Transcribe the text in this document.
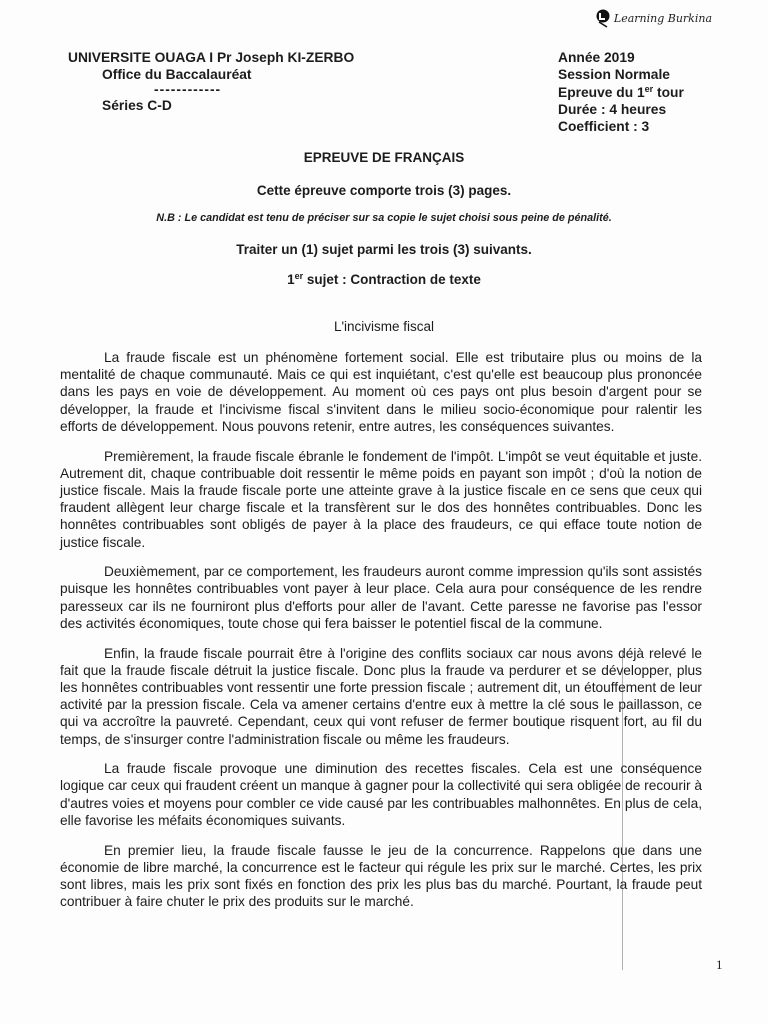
Learning Burkina
UNIVERSITE OUAGA I Pr Joseph KI-ZERBO
Office du Baccalauréat
------------
Séries C-D
Année 2019
Session Normale
Epreuve du 1er tour
Durée : 4 heures
Coefficient : 3
EPREUVE DE FRANÇAIS
Cette épreuve comporte trois (3) pages.
N.B : Le candidat est tenu de préciser sur sa copie le sujet choisi sous peine de pénalité.
Traiter un (1) sujet parmi les trois (3) suivants.
1er sujet : Contraction de texte
L'incivisme fiscal

La fraude fiscale est un phénomène fortement social. Elle est tributaire plus ou moins de la mentalité de chaque communauté. Mais ce qui est inquiétant, c'est qu'elle est beaucoup plus prononcée dans les pays en voie de développement. Au moment où ces pays ont plus besoin d'argent pour se développer, la fraude et l'incivisme fiscal s'invitent dans le milieu socio-économique pour ralentir les efforts de développement. Nous pouvons retenir, entre autres, les conséquences suivantes.

Premièrement, la fraude fiscale ébranle le fondement de l'impôt. L'impôt se veut équitable et juste. Autrement dit, chaque contribuable doit ressentir le même poids en payant son impôt ; d'où la notion de justice fiscale. Mais la fraude fiscale porte une atteinte grave à la justice fiscale en ce sens que ceux qui fraudent allègent leur charge fiscale et la transfèrent sur le dos des honnêtes contribuables. Donc les honnêtes contribuables sont obligés de payer à la place des fraudeurs, ce qui efface toute notion de justice fiscale.

Deuxièmement, par ce comportement, les fraudeurs auront comme impression qu'ils sont assistés puisque les honnêtes contribuables vont payer à leur place. Cela aura pour conséquence de les rendre paresseux car ils ne fourniront plus d'efforts pour aller de l'avant. Cette paresse ne favorise pas l'essor des activités économiques, toute chose qui fera baisser le potentiel fiscal de la commune.

Enfin, la fraude fiscale pourrait être à l'origine des conflits sociaux car nous avons déjà relevé le fait que la fraude fiscale détruit la justice fiscale. Donc plus la fraude va perdurer et se développer, plus les honnêtes contribuables vont ressentir une forte pression fiscale ; autrement dit, un étouffement de leur activité par la pression fiscale. Cela va amener certains d'entre eux à mettre la clé sous le paillasson, ce qui va accroître la pauvreté. Cependant, ceux qui vont refuser de fermer boutique risquent fort, au fil du temps, de s'insurger contre l'administration fiscale ou même les fraudeurs.

La fraude fiscale provoque une diminution des recettes fiscales. Cela est une conséquence logique car ceux qui fraudent créent un manque à gagner pour la collectivité qui sera obligée de recourir à d'autres voies et moyens pour combler ce vide causé par les contribuables malhonnêtes. En plus de cela, elle favorise les méfaits économiques suivants.

En premier lieu, la fraude fiscale fausse le jeu de la concurrence. Rappelons que dans une économie de libre marché, la concurrence est le facteur qui régule les prix sur le marché. Certes, les prix sont libres, mais les prix sont fixés en fonction des prix les plus bas du marché. Pourtant, la fraude peut contribuer à faire chuter le prix des produits sur le marché.

1
